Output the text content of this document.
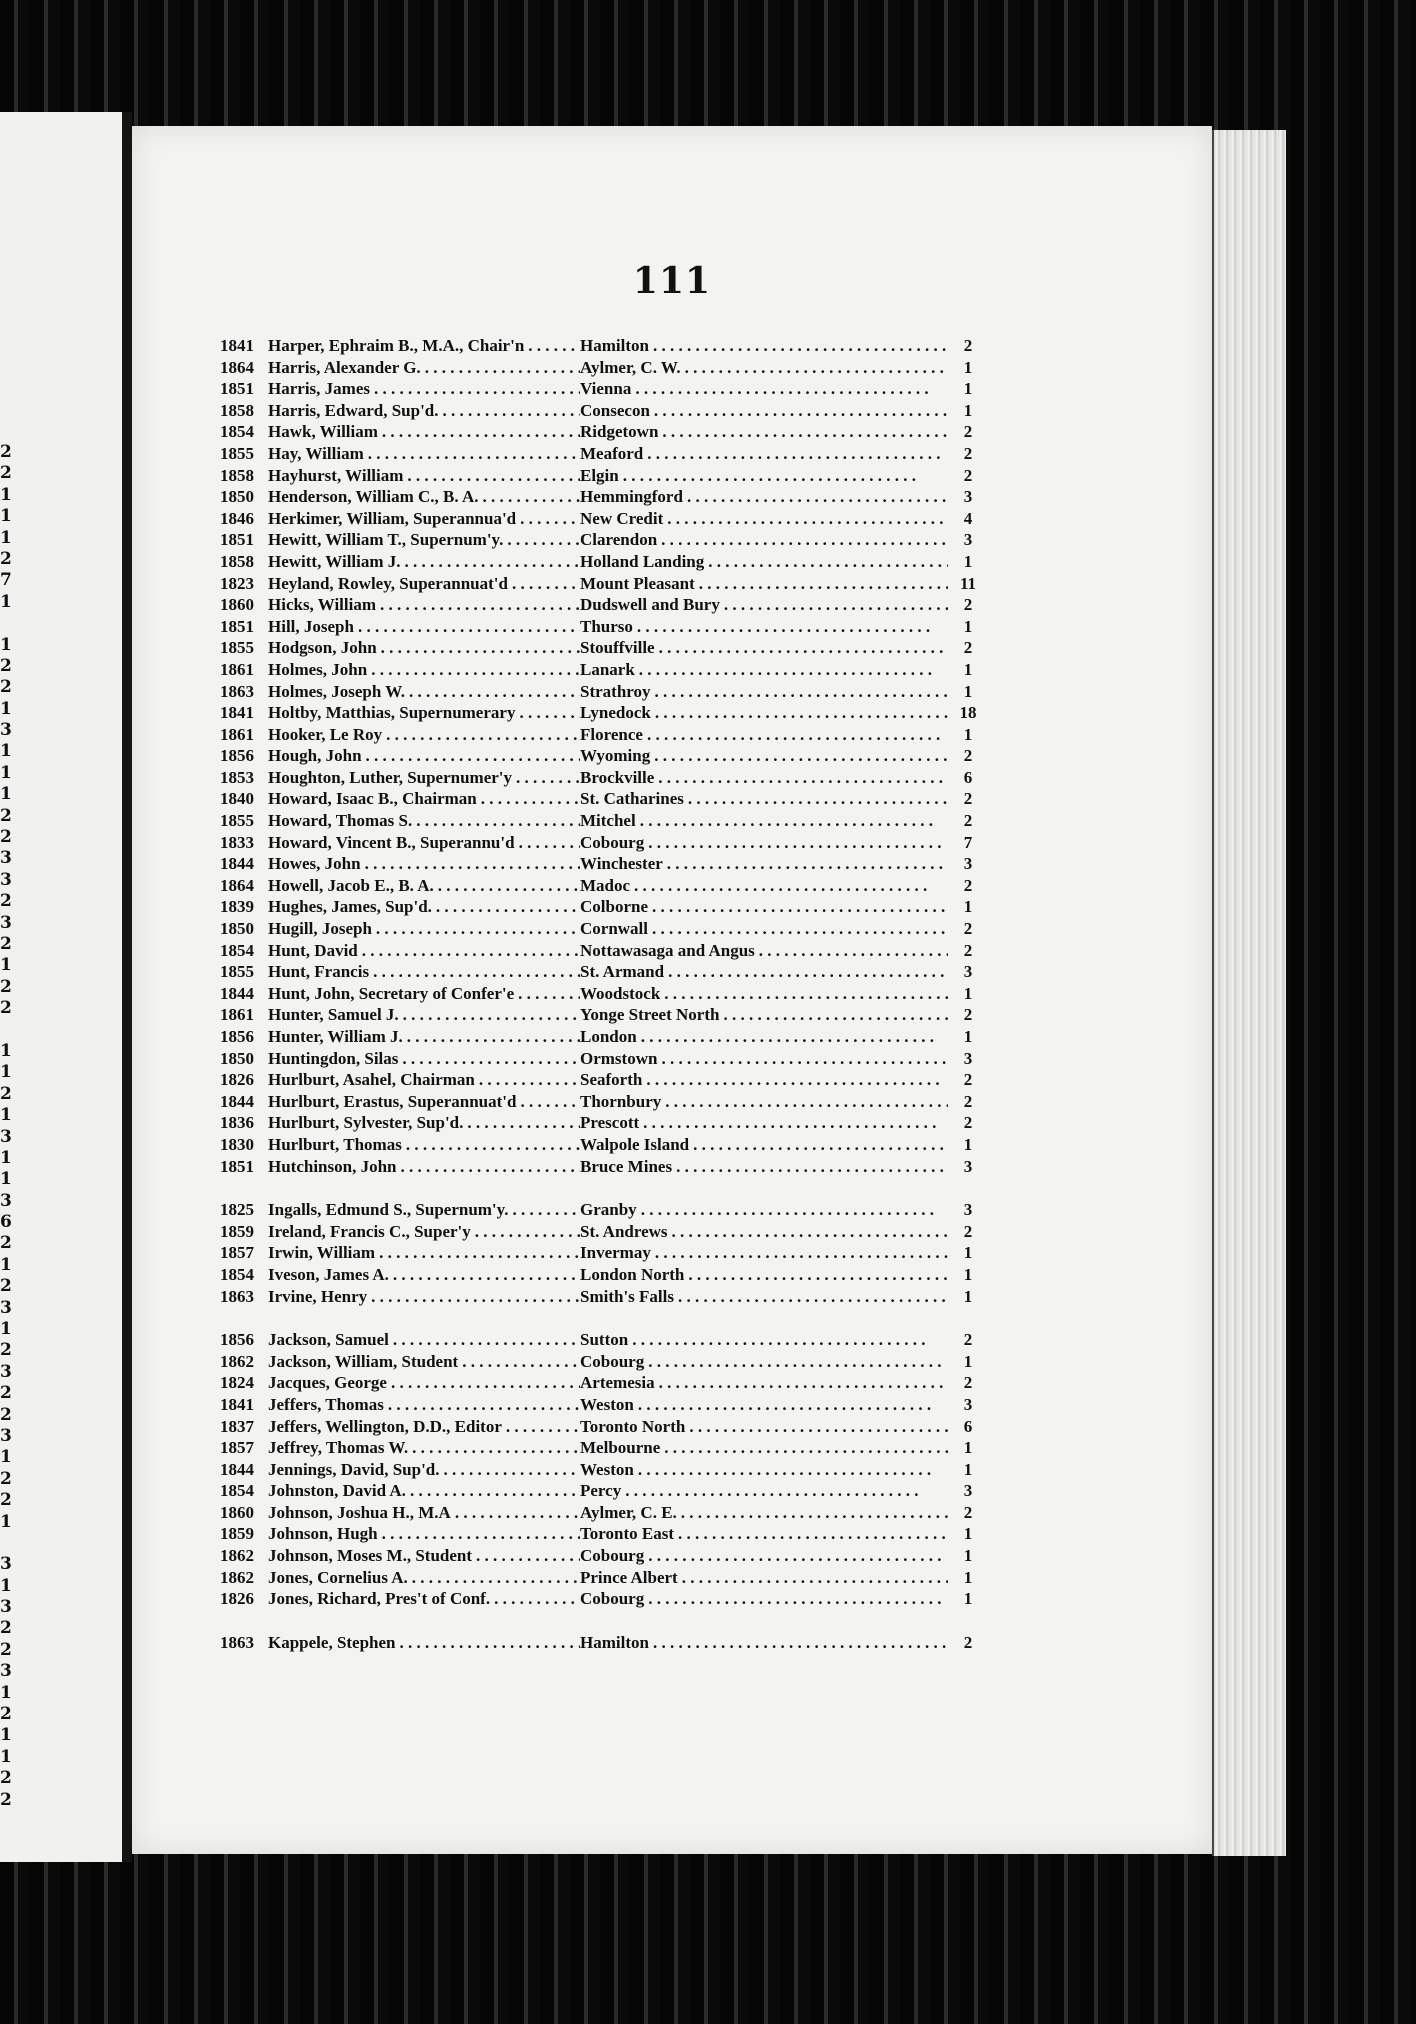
2
2
1
1
1
2
7
1
1
2
2
1
3
1
1
1
2
2
3
3
2
3
2
1
2
2
1
1
2
1
3
1
1
3
6
2
1
2
3
1
2
3
2
2
3
1
2
2
1
3
1
3
2
2
3
1
2
1
1
2
2
111
1841 Harper, Ephraim B., M.A., Chair'n . . .	Hamilton . . .	2
1864 Harris, Alexander G. . . .	Aylmer, C. W. . . .	1
1851 Harris, James . . .	Vienna . . .	1
1858 Harris, Edward, Sup'd. . . .	Consecon . . .	1
1854 Hawk, William . . .	Ridgetown . . .	2
1855 Hay, William . . .	Meaford . . .	2
1858 Hayhurst, William . . .	Elgin . . .	2
1850 Henderson, William C., B. A. . . .	Hemmingford . . .	3
1846 Herkimer, William, Superannua'd . . .	New Credit . . .	4
1851 Hewitt, William T., Supernum'y. . . .	Clarendon . . .	3
1858 Hewitt, William J. . . .	Holland Landing . . .	1
1823 Heyland, Rowley, Superannuat'd . . .	Mount Pleasant . . .	11
1860 Hicks, William . . .	Dudswell and Bury . . .	2
1851 Hill, Joseph . . .	Thurso . . .	1
1855 Hodgson, John . . .	Stouffville . . .	2
1861 Holmes, John . . .	Lanark . . .	1
1863 Holmes, Joseph W. . . .	Strathroy . . .	1
1841 Holtby, Matthias, Supernumerary . . .	Lynedock . . .	18
1861 Hooker, Le Roy . . .	Florence . . .	1
1856 Hough, John . . .	Wyoming . . .	2
1853 Houghton, Luther, Supernumer'y . . .	Brockville . . .	6
1840 Howard, Isaac B., Chairman . . .	St. Catharines . . .	2
1855 Howard, Thomas S. . . .	Mitchel . . .	2
1833 Howard, Vincent B., Superannu'd . . .	Cobourg . . .	7
1844 Howes, John . . .	Winchester . . .	3
1864 Howell, Jacob E., B. A. . . .	Madoc . . .	2
1839 Hughes, James, Sup'd. . . .	Colborne . . .	1
1850 Hugill, Joseph . . .	Cornwall . . .	2
1854 Hunt, David . . .	Nottawasaga and Angus . . .	2
1855 Hunt, Francis . . .	St. Armand . . .	3
1844 Hunt, John, Secretary of Confer'e . . .	Woodstock . . .	1
1861 Hunter, Samuel J. . . .	Yonge Street North . . .	2
1856 Hunter, William J. . . .	London . . .	1
1850 Huntingdon, Silas . . .	Ormstown . . .	3
1826 Hurlburt, Asahel, Chairman . . .	Seaforth . . .	2
1844 Hurlburt, Erastus, Superannuat'd . . .	Thornbury . . .	2
1836 Hurlburt, Sylvester, Sup'd. . . .	Prescott . . .	2
1830 Hurlburt, Thomas . . .	Walpole Island . . .	1
1851 Hutchinson, John . . .	Bruce Mines . . .	3
1825 Ingalls, Edmund S., Supernum'y. . . .	Granby . . .	3
1859 Ireland, Francis C., Super'y . . .	St. Andrews . . .	2
1857 Irwin, William . . .	Invermay . . .	1
1854 Iveson, James A. . . .	London North . . .	1
1863 Irvine, Henry . . .	Smith's Falls . . .	1
1856 Jackson, Samuel . . .	Sutton . . .	2
1862 Jackson, William, Student . . .	Cobourg . . .	1
1824 Jacques, George . . .	Artemesia . . .	2
1841 Jeffers, Thomas . . .	Weston . . .	3
1837 Jeffers, Wellington, D.D., Editor . . .	Toronto North . . .	6
1857 Jeffrey, Thomas W. . . .	Melbourne . . .	1
1844 Jennings, David, Sup'd. . . .	Weston . . .	1
1854 Johnston, David A. . . .	Percy . . .	3
1860 Johnson, Joshua H., M.A . . .	Aylmer, C. E. . . .	2
1859 Johnson, Hugh . . .	Toronto East . . .	1
1862 Johnson, Moses M., Student . . .	Cobourg . . .	1
1862 Jones, Cornelius A. . . .	Prince Albert . . .	1
1826 Jones, Richard, Pres't of Conf. . . .	Cobourg . . .	1
1863 Kappele, Stephen . . .	Hamilton . . .	2
